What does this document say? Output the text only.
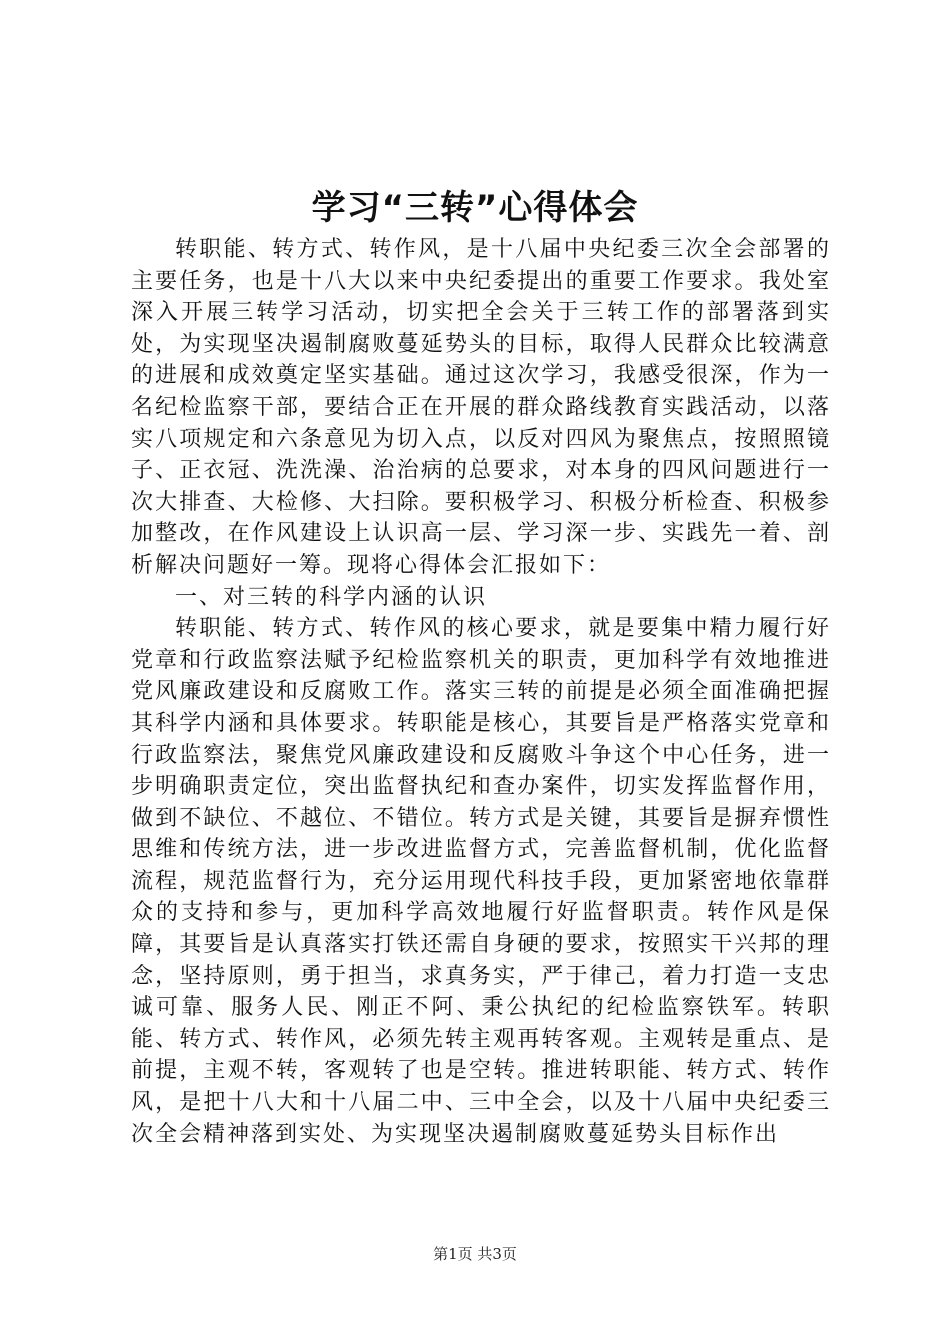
学习“三转”心得体会

转职能、转方式、转作风，是十八届中央纪委三次全会部署的主要任务，也是十八大以来中央纪委提出的重要工作要求。我处室深入开展三转学习活动，切实把全会关于三转工作的部署落到实处，为实现坚决遏制腐败蔓延势头的目标，取得人民群众比较满意的进展和成效奠定坚实基础。通过这次学习，我感受很深，作为一名纪检监察干部，要结合正在开展的群众路线教育实践活动，以落实八项规定和六条意见为切入点，以反对四风为聚焦点，按照照镜子、正衣冠、洗洗澡、治治病的总要求，对本身的四风问题进行一次大排查、大检修、大扫除。要积极学习、积极分析检查、积极参加整改，在作风建设上认识高一层、学习深一步、实践先一着、剖析解决问题好一筹。现将心得体会汇报如下：

一、对三转的科学内涵的认识

转职能、转方式、转作风的核心要求，就是要集中精力履行好党章和行政监察法赋予纪检监察机关的职责，更加科学有效地推进党风廉政建设和反腐败工作。落实三转的前提是必须全面准确把握其科学内涵和具体要求。转职能是核心，其要旨是严格落实党章和行政监察法，聚焦党风廉政建设和反腐败斗争这个中心任务，进一步明确职责定位，突出监督执纪和查办案件，切实发挥监督作用，做到不缺位、不越位、不错位。转方式是关键，其要旨是摒弃惯性思维和传统方法，进一步改进监督方式，完善监督机制，优化监督流程，规范监督行为，充分运用现代科技手段，更加紧密地依靠群众的支持和参与，更加科学高效地履行好监督职责。转作风是保障，其要旨是认真落实打铁还需自身硬的要求，按照实干兴邦的理念，坚持原则，勇于担当，求真务实，严于律己，着力打造一支忠诚可靠、服务人民、刚正不阿、秉公执纪的纪检监察铁军。转职能、转方式、转作风，必须先转主观再转客观。主观转是重点、是前提，主观不转，客观转了也是空转。推进转职能、转方式、转作风，是把十八大和十八届二中、三中全会，以及十八届中央纪委三次全会精神落到实处、为实现坚决遏制腐败蔓延势头目标作出

第1页 共3页
